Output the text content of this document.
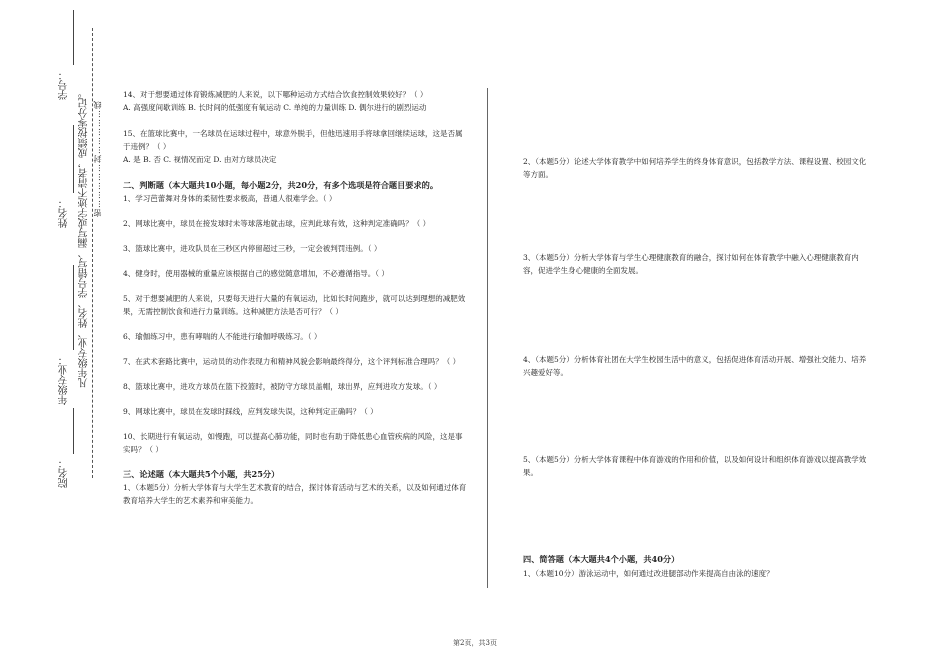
学号：
姓名：
年级专业：
院名：
凡年级专业、姓名、学号错写、漏写或字迹不清者，成绩按零分记。 密……………封……………线

14、对于想要通过体育锻炼减肥的人来说，以下哪种运动方式结合饮食控制效果较好？（ ）

A. 高强度间歇训练 B. 长时间的低强度有氧运动 C. 单纯的力量训练 D. 偶尔进行的剧烈运动

15、在篮球比赛中，一名球员在运球过程中，球意外脱手，但他迅速用手将球拿回继续运球，这是否属于违例？（ ）

A. 是 B. 否 C. 视情况而定 D. 由对方球员决定

二、判断题（本大题共10小题，每小题2分，共20分，有多个选项是符合题目要求的。

1、学习芭蕾舞对身体的柔韧性要求极高，普通人很难学会。（ ）
2、网球比赛中，球员在接发球时未等球落地就击球，应判此球有效，这种判定准确吗？（ ）
3、篮球比赛中，进攻队员在三秒区内停留超过三秒，一定会被判罚违例。（ ）
4、健身时，使用器械的重量应该根据自己的感觉随意增加，不必遵循指导。（ ）
5、对于想要减肥的人来说，只要每天进行大量的有氧运动，比如长时间跑步，就可以达到理想的减肥效果，无需控制饮食和进行力量训练。这种减肥方法是否可行？（ ）
6、瑜伽练习中，患有哮喘的人不能进行瑜伽呼吸练习。（ ）
7、在武术套路比赛中，运动员的动作表现力和精神风貌会影响最终得分，这个评判标准合理吗？（ ）
8、篮球比赛中，进攻方球员在篮下投篮时，被防守方球员盖帽，球出界，应判进攻方发球。（ ）
9、网球比赛中，球员在发球时踩线，应判发球失误，这种判定正确吗？（ ）
10、长期进行有氧运动，如慢跑，可以提高心肺功能，同时也有助于降低患心血管疾病的风险，这是事实吗？（ ）

三、论述题（本大题共5个小题，共25分）

1、（本题5分）分析大学体育与大学生艺术教育的结合，探讨体育活动与艺术的关系，以及如何通过体育教育培养大学生的艺术素养和审美能力。

2、（本题5分）论述大学体育教学中如何培养学生的终身体育意识，包括教学方法、课程设置、校园文化等方面。

3、（本题5分）分析大学体育与学生心理健康教育的融合，探讨如何在体育教学中融入心理健康教育内容，促进学生身心健康的全面发展。

4、（本题5分）分析体育社团在大学生校园生活中的意义，包括促进体育活动开展、增强社交能力、培养兴趣爱好等。

5、（本题5分）分析大学体育课程中体育游戏的作用和价值，以及如何设计和组织体育游戏以提高教学效果。

四、简答题（本大题共4个小题，共40分）

1、（本题10分）游泳运动中，如何通过改进腿部动作来提高自由泳的速度？

第2页，共3页
